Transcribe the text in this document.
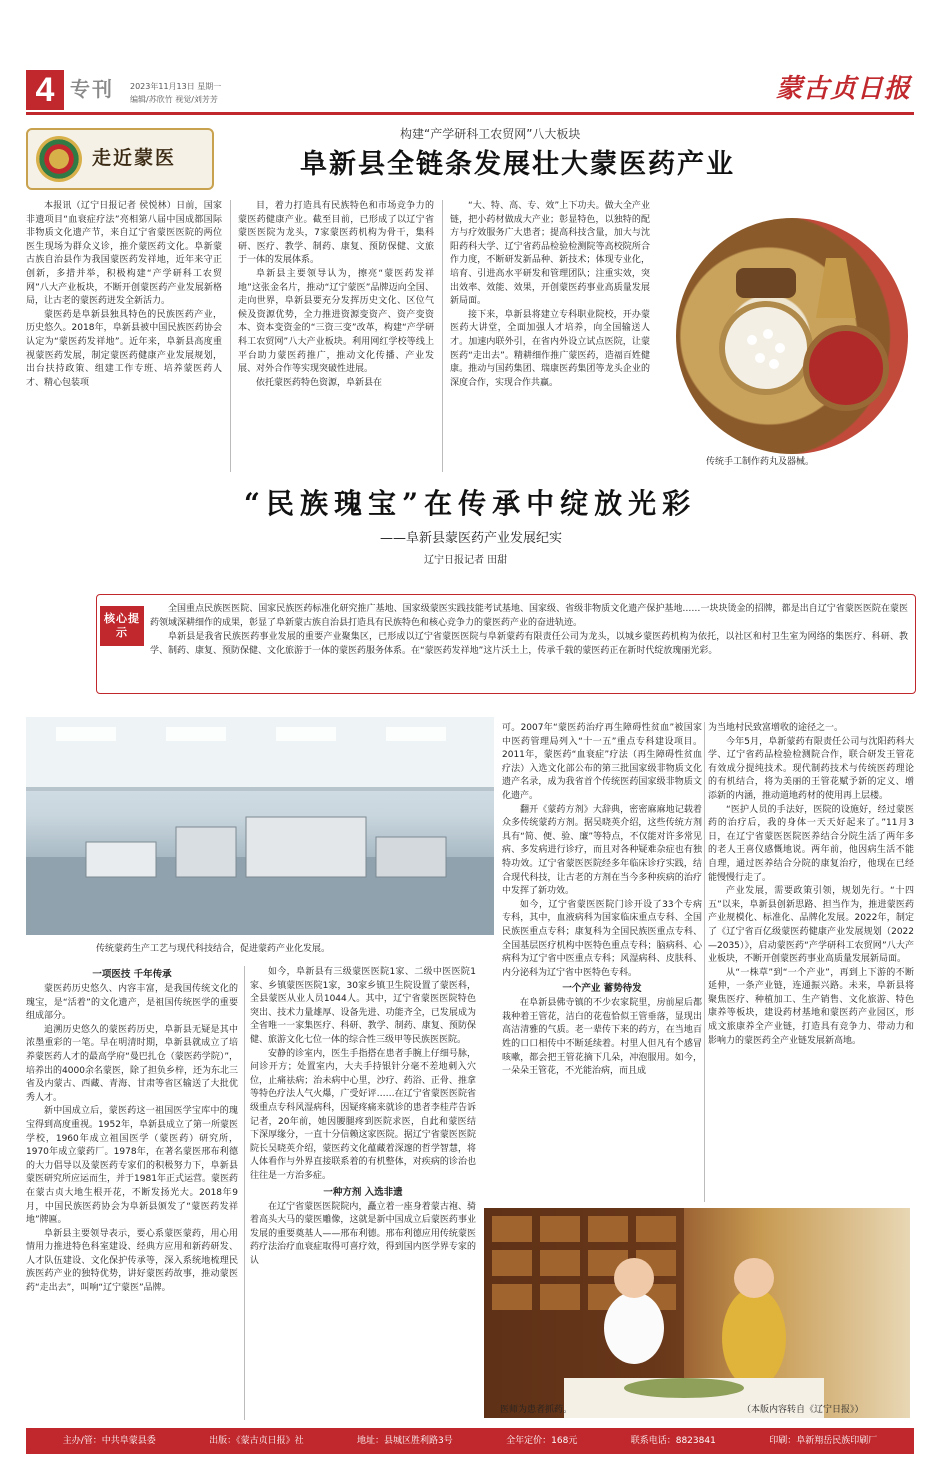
4 专刊 2023年11月13日 星期一
编辑/苏欣竹 视觉/刘芳芳	蒙古贞日报
走近蒙医
构建“产学研科工农贸网”八大板块
阜新县全链条发展壮大蒙医药产业

本报讯（辽宁日报记者 侯悦林）日前，国家非遗项目“血衰症疗法”亮相第八届中国成都国际非物质文化遗产节，来自辽宁省蒙医医院的两位医生现场为群众义诊，推介蒙医药文化。阜新蒙古族自治县作为我国蒙医药发祥地，近年来守正创新，多措并举，积极构建“产学研科工农贸网”八大产业板块，不断开创蒙医药产业发展新格局，让古老的蒙医药迸发全新活力。

蒙医药是阜新县独具特色的民族医药产业，历史悠久。2018年，阜新县被中国民族医药协会认定为“蒙医药发祥地”。近年来，阜新县高度重视蒙医药发展，制定蒙医药健康产业发展规划，出台扶持政策、组建工作专班、培养蒙医药人才、精心包装项

目，着力打造具有民族特色和市场竞争力的蒙医药健康产业。截至目前，已形成了以辽宁省蒙医医院为龙头，7家蒙医药机构为骨干，集科研、医疗、教学、制药、康复、预防保健、文旅于一体的发展体系。

阜新县主要领导认为，擦亮“蒙医药发祥地”这张金名片，推动“辽宁蒙医”品牌迈向全国、走向世界，阜新县要充分发挥历史文化、区位气候及资源优势，全力推进资源变资产、资产变资本、资本变资金的“三资三变”改革，构建“产学研科工农贸网”八大产业板块。利用网红学校等线上平台助力蒙医药推广，推动文化传播、产业发展、对外合作等实现突破性进展。

依托蒙医药特色资源，阜新县在

“大、特、高、专、效”上下功夫。做大全产业链，把小药材做成大产业；彰显特色，以独特的配方与疗效服务广大患者；提高科技含量，加大与沈阳药科大学、辽宁省药品检验检测院等高校院所合作力度，不断研发新品种、新技术；体现专业化，培育、引进高水平研发和管理团队；注重实效，突出效率、效能、效果，开创蒙医药事业高质量发展新局面。

接下来，阜新县将建立专科职业院校，开办蒙医药大讲堂，全面加强人才培养，向全国输送人才。加速内联外引，在省内外设立试点医院，让蒙医药“走出去”。精耕细作推广蒙医药，造福百姓健康。推动与国药集团、瑞康医药集团等龙头企业的深度合作，实现合作共赢。

传统手工制作药丸及器械。
“民族瑰宝”在传承中绽放光彩
——阜新县蒙医药产业发展纪实
辽宁日报记者 田甜
核心提示

全国重点民族医医院、国家民族医药标准化研究推广基地、国家级蒙医实践技能考试基地、国家级、省级非物质文化遗产保护基地……一块块烫金的招牌，都是出自辽宁省蒙医医院在蒙医药领域深耕细作的成果，彰显了阜新蒙古族自治县打造具有民族特色和核心竞争力的蒙医药产业的奋进轨迹。

阜新县是我省民族医药事业发展的重要产业聚集区，已形成以辽宁省蒙医医院与阜新蒙药有限责任公司为龙头，以城乡蒙医药机构为依托，以社区和村卫生室为网络的集医疗、科研、教学、制药、康复、预防保健、文化旅游于一体的蒙医药服务体系。在“蒙医药发祥地”这片沃土上，传承千载的蒙医药正在新时代绽放瑰丽光彩。

传统蒙药生产工艺与现代科技结合，促进蒙药产业化发展。

可。2007年“蒙医药治疗再生障碍性贫血”被国家中医药管理局列入“十一五”重点专科建设项目。2011年，蒙医药“血衰症”疗法（再生障碍性贫血疗法）入选文化部公布的第三批国家级非物质文化遗产名录，成为我省首个传统医药国家级非物质文化遗产。

翻开《蒙药方剂》大辞典，密密麻麻地记载着众多传统蒙药方剂。据吴晓英介绍，这些传统方剂具有“简、便、验、廉”等特点，不仅能对许多常见病、多发病进行诊疗，而且对各种疑难杂症也有独特功效。辽宁省蒙医医院经多年临床诊疗实践，结合现代科技，让古老的方剂在当今多种疾病的治疗中发挥了新功效。

如今，辽宁省蒙医医院门诊开设了33个专病专科，其中，血液病科为国家临床重点专科、全国民族医重点专科；康复科为全国民族医重点专科、全国基层医疗机构中医特色重点专科；脑病科、心病科为辽宁省中医重点专科；风湿病科、皮肤科、内分泌科为辽宁省中医特色专科。

一个产业 蓄势待发

在阜新县佛寺镇的不少农家院里，房前屋后都栽种着王管花，洁白的花苞恰似王管垂落，显现出高洁清雅的气质。老一辈传下来的药方，在当地百姓的口口相传中不断延续着。村里人但凡有个感冒咳嗽，都会把王管花摘下几朵，冲泡服用。如今，一朵朵王管花，不光能治病，而且成

为当地村民致富增收的途径之一。

今年5月，阜新蒙药有限责任公司与沈阳药科大学、辽宁省药品检验检测院合作，联合研发王管花有效成分提纯技术。现代制药技术与传统医药理论的有机结合，将为美丽的王管花赋予新的定义、增添新的内涵，推动道地药材的使用再上层楼。

“医护人员的手法好，医院的设施好，经过蒙医药的治疗后，我的身体一天天好起来了。”11月3日，在辽宁省蒙医医院医养结合分院生活了两年多的老人王喜仪感慨地说。两年前，他因病生活不能自理，通过医养结合分院的康复治疗，他现在已经能慢慢行走了。

产业发展，需要政策引领，规划先行。“十四五”以来，阜新县创新思路、担当作为，推进蒙医药产业规模化、标准化、品牌化发展。2022年，制定了《辽宁省百亿级蒙医药健康产业发展规划（2022—2035）》，启动蒙医药“产学研科工农贸网”八大产业板块，不断开创蒙医药事业高质量发展新局面。

从“一株草”到“一个产业”，再到上下游的不断延伸，一条产业链，连通振兴路。未来，阜新县将聚焦医疗、种植加工、生产销售、文化旅游、特色康养等板块，建设药材基地和蒙医药产业园区，形成文旅康养全产业链，打造具有竞争力、带动力和影响力的蒙医药全产业链发展新高地。

一项医技 千年传承

蒙医药历史悠久、内容丰富，是我国传统文化的瑰宝，是“活着”的文化遗产，是祖国传统医学的重要组成部分。

追溯历史悠久的蒙医药历史，阜新县无疑是其中浓墨重彩的一笔。早在明清时期，阜新县就成立了培养蒙医药人才的最高学府“曼巴扎仓（蒙医药学院）”，培养出的4000余名蒙医，除了担负乡梓，还为东北三省及内蒙古、西藏、青海、甘肃等省区输送了大批优秀人才。

新中国成立后，蒙医药这一祖国医学宝库中的瑰宝得到高度重视。1952年，阜新县成立了第一所蒙医学校，1960年成立祖国医学（蒙医药）研究所，1970年成立蒙药厂。1978年，在著名蒙医邢布利德的大力倡导以及蒙医药专家们的积极努力下，阜新县蒙医研究所应运而生，并于1981年正式运营。蒙医药在蒙古贞大地生根开花，不断发扬光大。2018年9月，中国民族医药协会为阜新县颁发了“蒙医药发祥地”牌匾。

阜新县主要领导表示，要心系蒙医蒙药，用心用情用力推进特色科室建设、经典方应用和新药研发、人才队伍建设、文化保护传承等，深入系统地梳理民族医药产业的独特优势，讲好蒙医药故事，推动蒙医药“走出去”，叫响“辽宁蒙医”品牌。

如今，阜新县有三级蒙医医院1家、二级中医医院1家、乡镇蒙医医院1家，30家乡镇卫生院设置了蒙医科，全县蒙医从业人员1044人。其中，辽宁省蒙医医院特色突出、技术力量雄厚、设备先进、功能齐全，已发展成为全省唯一一家集医疗、科研、教学、制药、康复、预防保健、旅游文化七位一体的综合性三级甲等民族医医院。

安静的诊室内，医生手指搭在患者手腕上仔细号脉，问诊开方；处置室内，大夫手持银针分毫不差地刺入穴位，止痛祛病；治未病中心里，沙疗、药浴、正骨、推拿等特色疗法人气火爆，广受好评……在辽宁省蒙医医院省级重点专科风湿病科，因疑疼痛来就诊的患者李桂芹告诉记者，20年前，她因腰腿疼到医院求医，自此和蒙医结下深厚缘分，一直十分信赖这家医院。据辽宁省蒙医医院院长吴晓英介绍，蒙医药文化蕴藏着深邃的哲学智慧，将人体看作与外界直接联系着的有机整体，对疾病的诊治也往往是一方治多症。

一种方剂 入选非遗

在辽宁省蒙医医院院内，矗立着一座身着蒙古袍、骑着高头大马的蒙医雕像，这就是新中国成立后蒙医药事业发展的重要奠基人——邢布利德。邢布利德应用传统蒙医药疗法治疗血衰症取得可喜疗效，得到国内医学界专家的认

医师为患者抓药。	（本版内容转自《辽宁日报》）
主办/管：中共阜蒙县委	出版：《蒙古贞日报》社	地址：县城区胜利路3号	全年定价：168元	联系电话：8823841	印刷：阜新翔岳民族印刷厂
